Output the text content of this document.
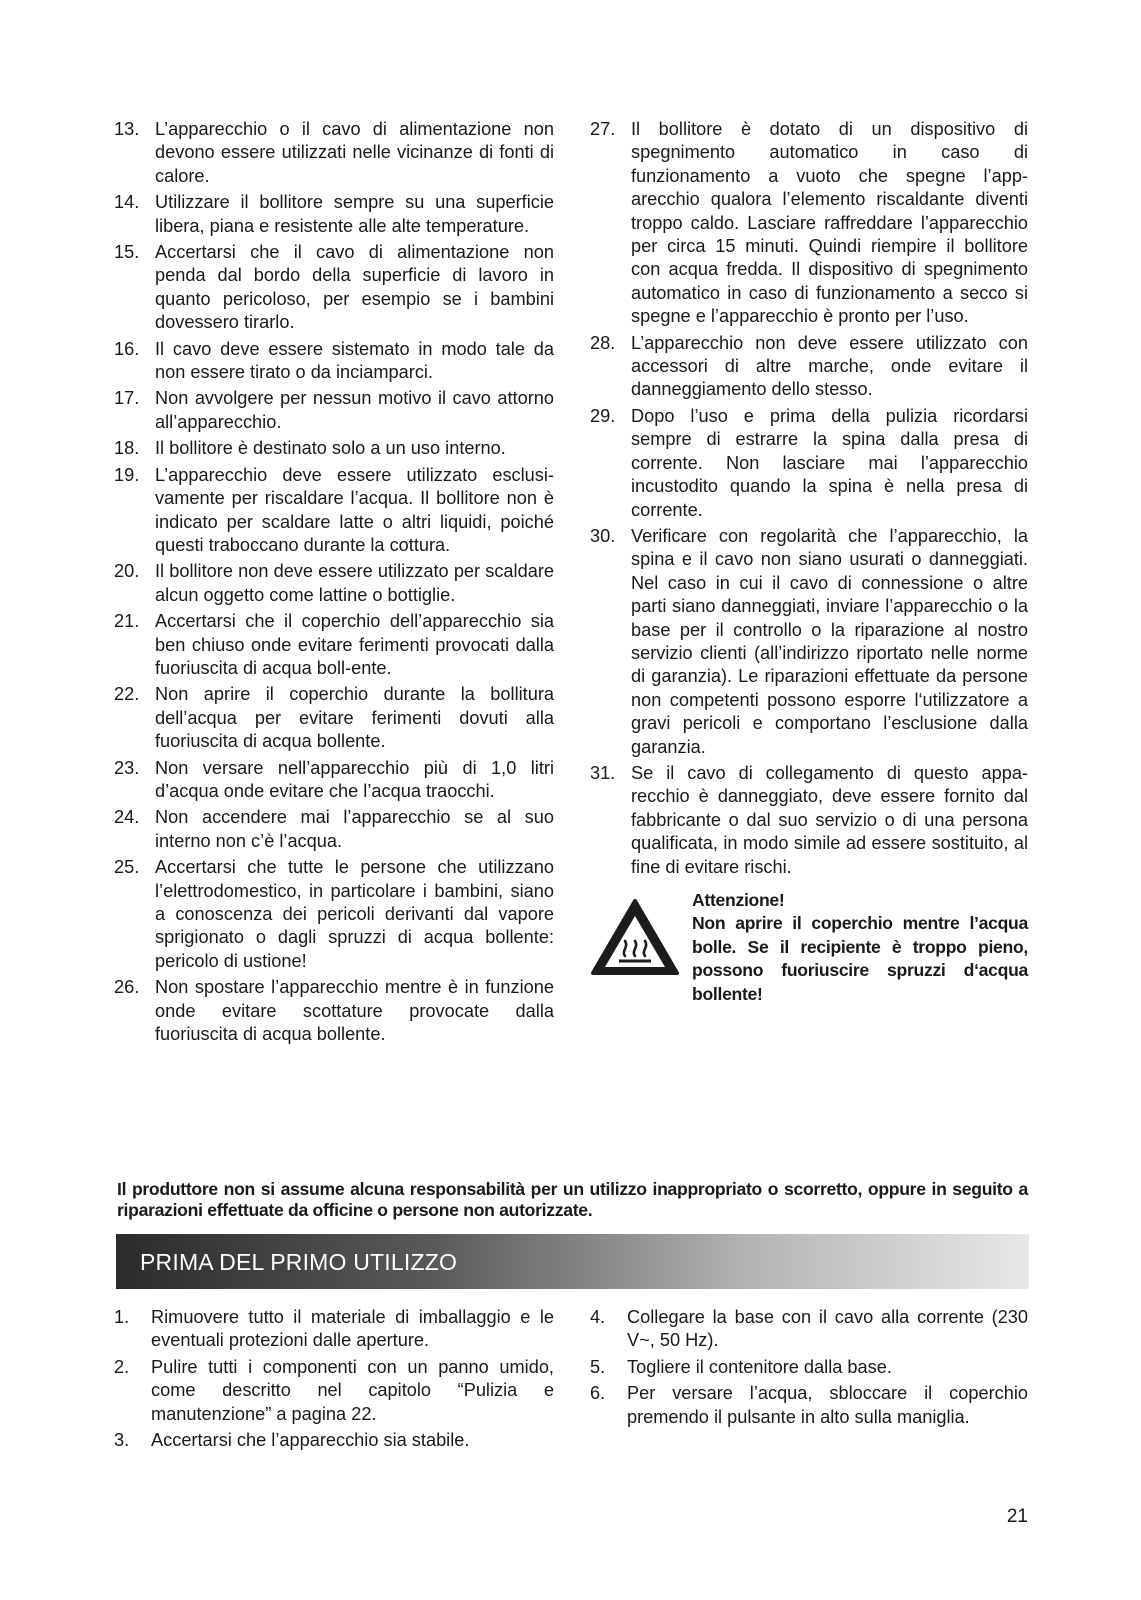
13. L’apparecchio o il cavo di alimentazione non devono essere utilizzati nelle vicinanze di fonti di calore.
14. Utilizzare il bollitore sempre su una superficie libera, piana e resistente alle alte temperature.
15. Accertarsi che il cavo di alimentazione non penda dal bordo della superficie di lavoro in quanto pericoloso, per esempio se i bambini dovessero tirarlo.
16. Il cavo deve essere sistemato in modo tale da non essere tirato o da inciamparci.
17. Non avvolgere per nessun motivo il cavo attorno all’apparecchio.
18. Il bollitore è destinato solo a un uso interno.
19. L’apparecchio deve essere utilizzato esclusi-vamente per riscaldare l’acqua. Il bollitore non è indicato per scaldare latte o altri liquidi, poiché questi traboccano durante la cottura.
20. Il bollitore non deve essere utilizzato per scaldare alcun oggetto come lattine o bottiglie.
21. Accertarsi che il coperchio dell’apparecchio sia ben chiuso onde evitare ferimenti provocati dalla fuoriuscita di acqua boll-ente.
22. Non aprire il coperchio durante la bollitura dell’acqua per evitare ferimenti dovuti alla fuoriuscita di acqua bollente.
23. Non versare nell’apparecchio più di 1,0 litri d’acqua onde evitare che l’acqua traocchi.
24. Non accendere mai l’apparecchio se al suo interno non c’è l’acqua.
25. Accertarsi che tutte le persone che utilizzano l’elettrodomestico, in particolare i bambini, siano a conoscenza dei pericoli derivanti dal vapore sprigionato o dagli spruzzi di acqua bollente: pericolo di ustione!
26. Non spostare l’apparecchio mentre è in funzione onde evitare scottature provocate dalla fuoriuscita di acqua bollente.
27. Il bollitore è dotato di un dispositivo di spegnimento automatico in caso di funzionamento a vuoto che spegne l’app-arecchio qualora l’elemento riscaldante diventi troppo caldo. Lasciare raffreddare l’apparecchio per circa 15 minuti. Quindi riempire il bollitore con acqua fredda. Il dispositivo di spegnimento automatico in caso di funzionamento a secco si spegne e l’apparecchio è pronto per l’uso.
28. L’apparecchio non deve essere utilizzato con accessori di altre marche, onde evitare il danneggiamento dello stesso.
29. Dopo l’uso e prima della pulizia ricordarsi sempre di estrarre la spina dalla presa di corrente. Non lasciare mai l’apparecchio incustodito quando la spina è nella presa di corrente.
30. Verificare con regolarità che l’apparecchio, la spina e il cavo non siano usurati o danneggiati. Nel caso in cui il cavo di connessione o altre parti siano danneggiati, inviare l’apparecchio o la base per il controllo o la riparazione al nostro servizio clienti (all’indirizzo riportato nelle norme di garanzia). Le riparazioni effettuate da persone non competenti possono esporre l‘utilizzatore a gravi pericoli e comportano l’esclusione dalla garanzia.
31. Se il cavo di collegamento di questo appa-recchio è danneggiato, deve essere fornito dal fabbricante o dal suo servizio o di una persona qualificata, in modo simile ad essere sostituito, al fine di evitare rischi.
Attenzione!
Non aprire il coperchio mentre l’acqua bolle. Se il recipiente è troppo pieno, possono fuoriuscire spruzzi d‘acqua bollente!
Il produttore non si assume alcuna responsabilità per un utilizzo inappropriato o scorretto, oppure in seguito a riparazioni effettuate da officine o persone non autorizzate.
PRIMA DEL PRIMO UTILIZZO
1.	Rimuovere tutto il materiale di imballaggio e le eventuali protezioni dalle aperture.
2.	Pulire tutti i componenti con un panno umido, come descritto nel capitolo “Pulizia e manutenzione” a pagina 22.
3.	Accertarsi che l’apparecchio sia stabile.
4.	Collegare la base con il cavo alla corrente (230 V~, 50 Hz).
5.	Togliere il contenitore dalla base.
6.	Per versare l’acqua, sbloccare il coperchio premendo il pulsante in alto sulla maniglia.
21
